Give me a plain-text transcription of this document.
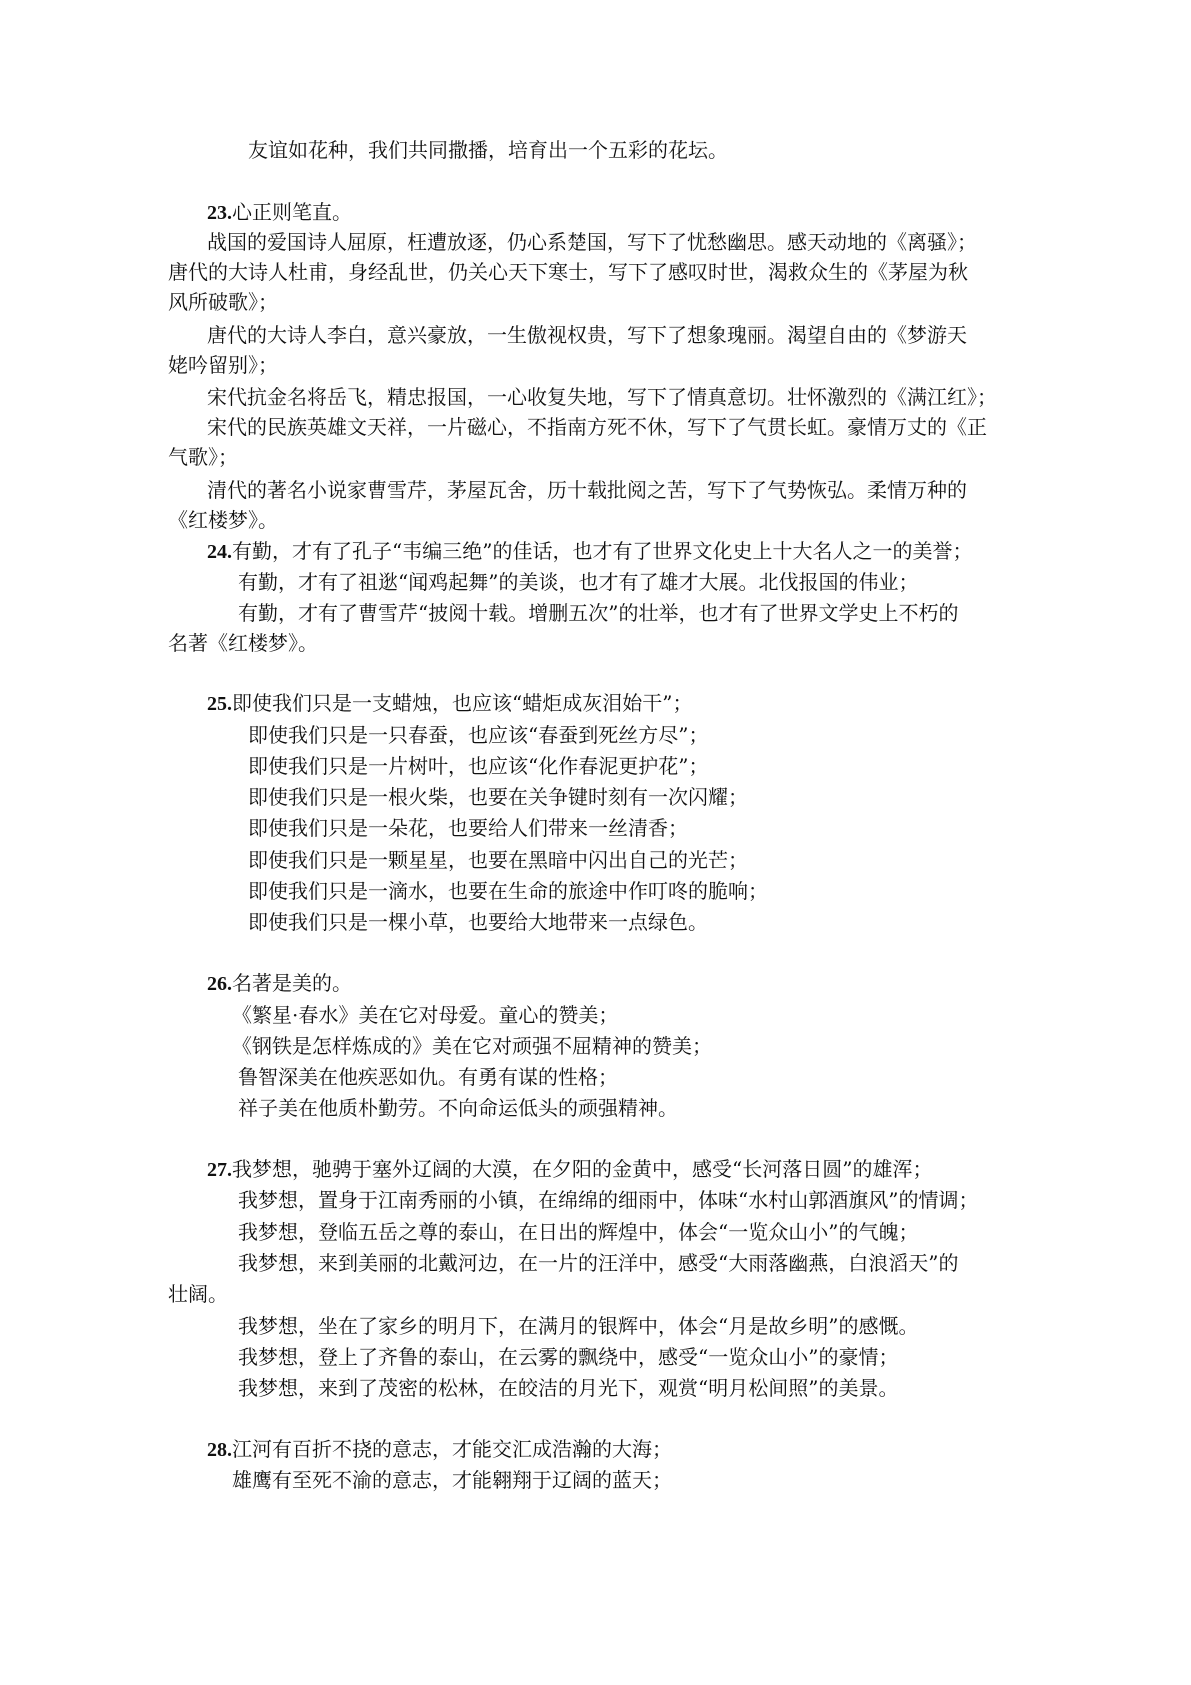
友谊如花种，我们共同撒播，培育出一个五彩的花坛。
23.心正则笔直。
战国的爱国诗人屈原，枉遭放逐，仍心系楚国，写下了忧愁幽思。感天动地的《离骚》；
唐代的大诗人杜甫，身经乱世，仍关心天下寒士，写下了感叹时世，渴救众生的《茅屋为秋
风所破歌》；
唐代的大诗人李白，意兴豪放，一生傲视权贵，写下了想象瑰丽。渴望自由的《梦游天
姥吟留别》；
宋代抗金名将岳飞，精忠报国，一心收复失地，写下了情真意切。壮怀激烈的《满江红》；
宋代的民族英雄文天祥，一片磁心，不指南方死不休，写下了气贯长虹。豪情万丈的《正
气歌》；
清代的著名小说家曹雪芹，茅屋瓦舍，历十载批阅之苦，写下了气势恢弘。柔情万种的
《红楼梦》。
24.有勤，才有了孔子“韦编三绝”的佳话，也才有了世界文化史上十大名人之一的美誉；
有勤，才有了祖逖“闻鸡起舞”的美谈，也才有了雄才大展。北伐报国的伟业；
有勤，才有了曹雪芹“披阅十载。增删五次”的壮举，也才有了世界文学史上不朽的
名著《红楼梦》。
25.即使我们只是一支蜡烛，也应该“蜡炬成灰泪始干”；
即使我们只是一只春蚕，也应该“春蚕到死丝方尽”；
即使我们只是一片树叶，也应该“化作春泥更护花”；
即使我们只是一根火柴，也要在关争键时刻有一次闪耀；
即使我们只是一朵花，也要给人们带来一丝清香；
即使我们只是一颗星星，也要在黑暗中闪出自己的光芒；
即使我们只是一滴水，也要在生命的旅途中作叮咚的脆响；
即使我们只是一棵小草，也要给大地带来一点绿色。
26.名著是美的。
《繁星·春水》美在它对母爱。童心的赞美；
《钢铁是怎样炼成的》美在它对顽强不屈精神的赞美；
鲁智深美在他疾恶如仇。有勇有谋的性格；
祥子美在他质朴勤劳。不向命运低头的顽强精神。
27.我梦想，驰骋于塞外辽阔的大漠，在夕阳的金黄中，感受“长河落日圆”的雄浑；
我梦想，置身于江南秀丽的小镇，在绵绵的细雨中，体味“水村山郭酒旗风”的情调；
我梦想，登临五岳之尊的泰山，在日出的辉煌中，体会“一览众山小”的气魄；
我梦想，来到美丽的北戴河边，在一片的汪洋中，感受“大雨落幽燕，白浪滔天”的
壮阔。
我梦想，坐在了家乡的明月下，在满月的银辉中，体会“月是故乡明”的感慨。
我梦想，登上了齐鲁的泰山，在云雾的飘绕中，感受“一览众山小”的豪情；
我梦想，来到了茂密的松林，在皎洁的月光下，观赏“明月松间照”的美景。
28.江河有百折不挠的意志，才能交汇成浩瀚的大海；
雄鹰有至死不渝的意志，才能翱翔于辽阔的蓝天；
